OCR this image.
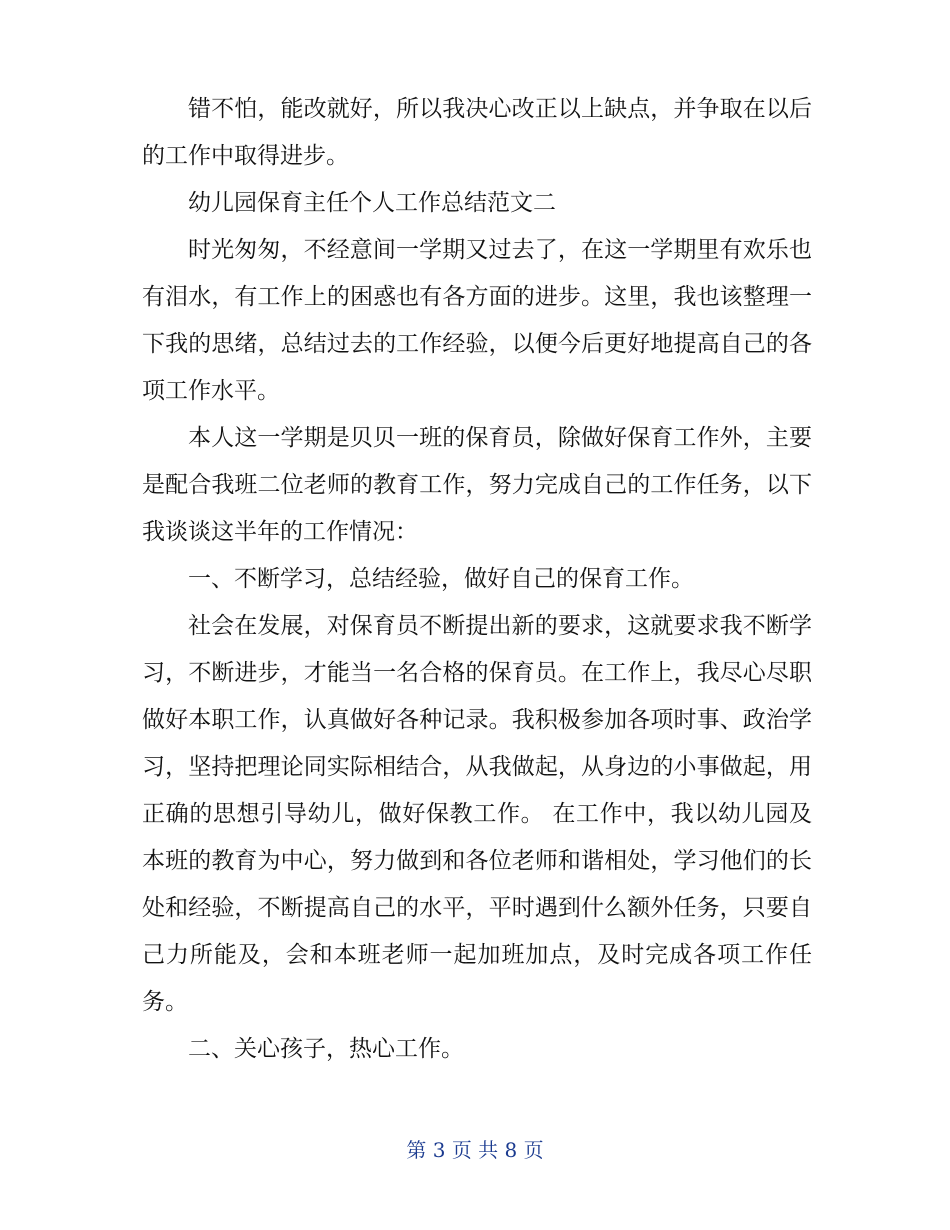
错不怕，能改就好，所以我决心改正以上缺点，并争取在以后的工作中取得进步。

幼儿园保育主任个人工作总结范文二

时光匆匆，不经意间一学期又过去了，在这一学期里有欢乐也有泪水，有工作上的困惑也有各方面的进步。这里，我也该整理一下我的思绪，总结过去的工作经验，以便今后更好地提高自己的各项工作水平。

本人这一学期是贝贝一班的保育员，除做好保育工作外，主要是配合我班二位老师的教育工作，努力完成自己的工作任务，以下我谈谈这半年的工作情况：

一、不断学习，总结经验，做好自己的保育工作。

社会在发展，对保育员不断提出新的要求，这就要求我不断学习，不断进步，才能当一名合格的保育员。在工作上，我尽心尽职做好本职工作，认真做好各种记录。我积极参加各项时事、政治学习，坚持把理论同实际相结合，从我做起，从身边的小事做起，用正确的思想引导幼儿，做好保教工作。 在工作中，我以幼儿园及本班的教育为中心，努力做到和各位老师和谐相处，学习他们的长处和经验，不断提高自己的水平，平时遇到什么额外任务，只要自己力所能及，会和本班老师一起加班加点，及时完成各项工作任务。

二、关心孩子，热心工作。

第 3 页 共 8 页
